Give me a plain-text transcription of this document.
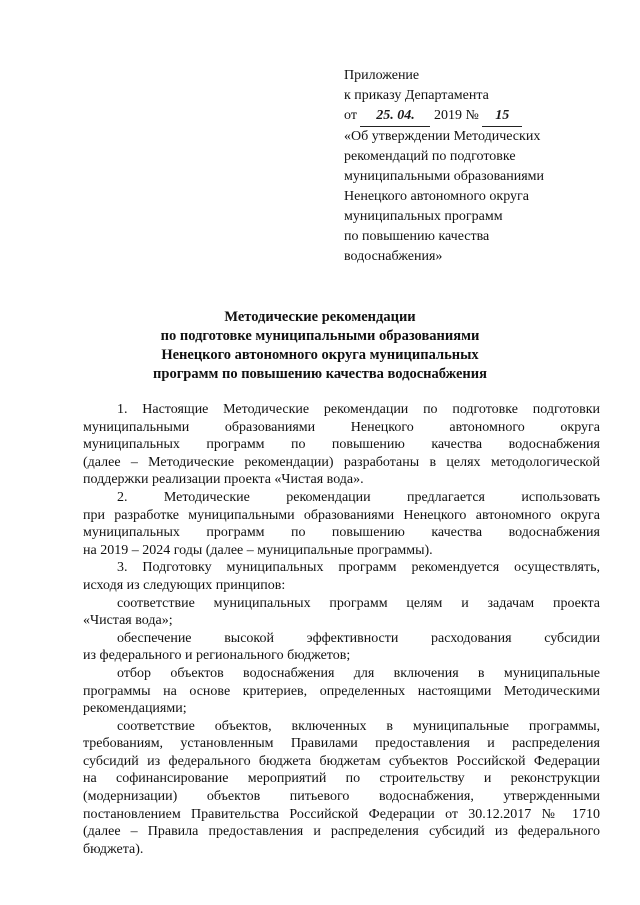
Приложение
к приказу Департамента
от 25. 04. 2019 № 15
«Об утверждении Методических
рекомендаций по подготовке
муниципальными образованиями
Ненецкого автономного округа
муниципальных программ
по повышению качества
водоснабжения»
Методические рекомендации
по подготовке муниципальными образованиями
Ненецкого автономного округа муниципальных
программ по повышению качества водоснабжения
1. Настоящие Методические рекомендации по подготовке подготовки
муниципальными образованиями Ненецкого автономного округа
муниципальных программ по повышению качества водоснабжения
(далее – Методические рекомендации) разработаны в целях методологической
поддержки реализации проекта «Чистая вода».
2. Методические рекомендации предлагается использовать
при разработке муниципальными образованиями Ненецкого автономного округа
муниципальных программ по повышению качества водоснабжения
на 2019 – 2024 годы (далее – муниципальные программы).
3. Подготовку муниципальных программ рекомендуется осуществлять,
исходя из следующих принципов:
соответствие муниципальных программ целям и задачам проекта
«Чистая вода»;
обеспечение высокой эффективности расходования субсидии
из федерального и регионального бюджетов;
отбор объектов водоснабжения для включения в муниципальные
программы на основе критериев, определенных настоящими Методическими
рекомендациями;
соответствие объектов, включенных в муниципальные программы,
требованиям, установленным Правилами предоставления и распределения
субсидий из федерального бюджета бюджетам субъектов Российской Федерации
на софинансирование мероприятий по строительству и реконструкции
(модернизации) объектов питьевого водоснабжения, утвержденными
постановлением Правительства Российской Федерации от 30.12.2017 № 1710
(далее – Правила предоставления и распределения субсидий из федерального
бюджета).
